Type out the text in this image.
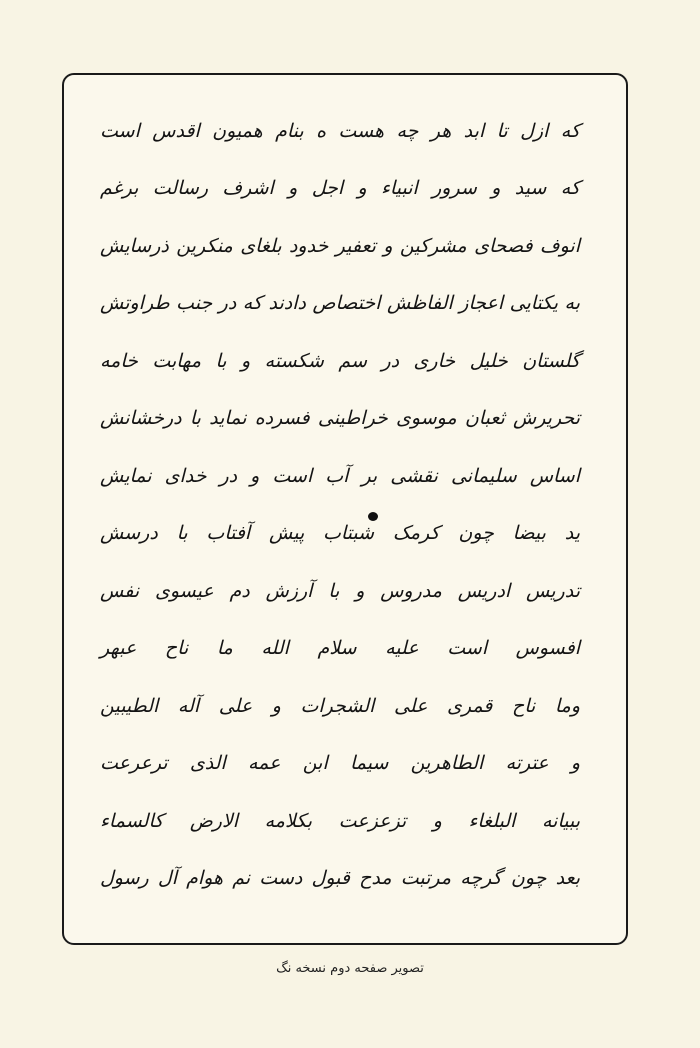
که ازل تا ابد هر چه هست ه بنام همیون اقدس است
که سید و سرور انبیاء و اجل و اشرف رسالت برغم
انوف فصحای مشرکین و تعفیر خدود بلغای منکرین ذرسایش
به یکتایی اعجاز الفاظش اختصاص دادند که در جنب طراوتش
گلستان خلیل خاری در سم شکسته و با مهابت خامه
تحریرش ثعبان موسوی خراطینی فسرده نماید با درخشانش
اساس سلیمانی نقشی بر آب است و در خدای نمایش
ید بیضا چون کرمک شبتاب پیش آفتاب با درسش
تدریس ادریس مدروس و با آرزش دم عیسوی نفس
افسوس است علیه سلام الله ما ناح عبهر
وما ناح قمری علی الشجرات و علی آله الطیبین
و عترته الطاهرین سیما ابن عمه الذی ترعرعت
ببیانه البلغاء و تزعزعت بکلامه الارض کالسماء
بعد چون گرچه مرتبت مدح قبول دست نم هوام آل رسول
تصویر صفحه دوم نسخه نگ
